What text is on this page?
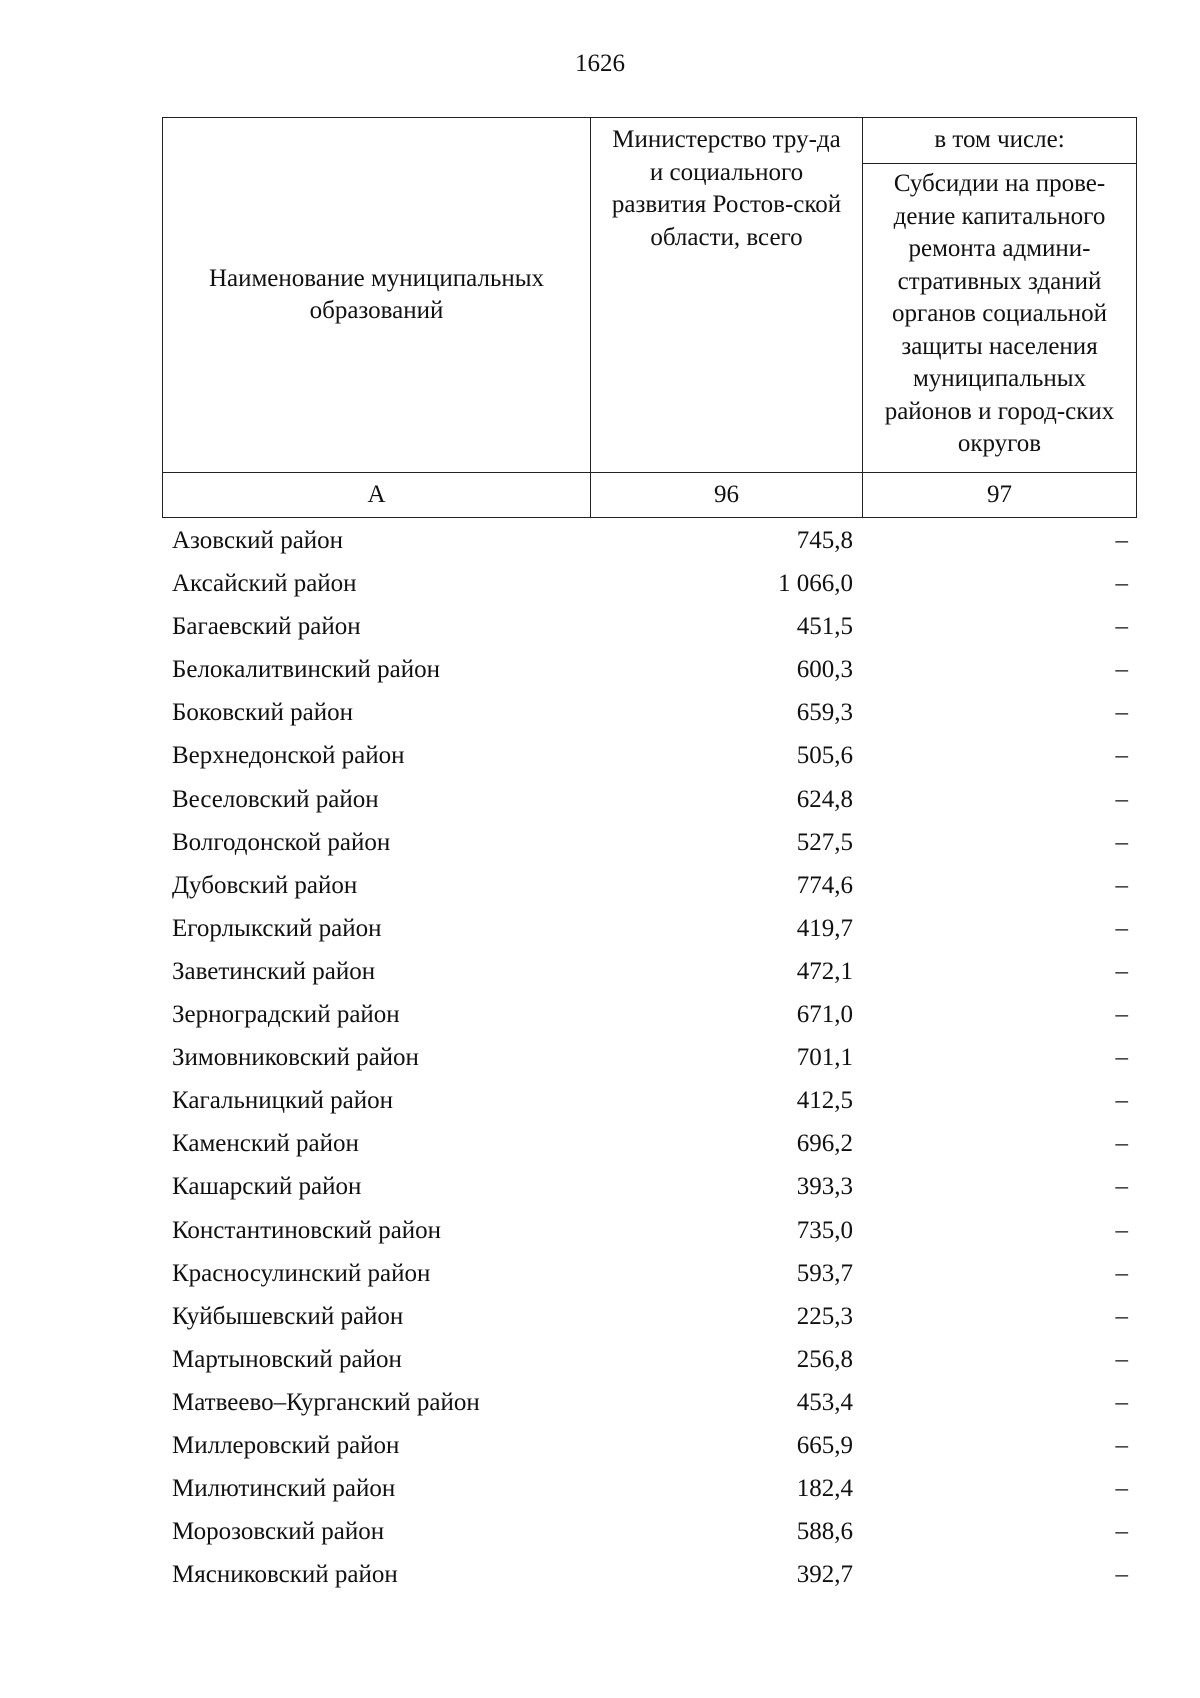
1626
Наименование муниципальных образований	Министерство тру-да и социального развития Ростов-ской области, всего	в том числе:
		Субсидии на прове-дение капитального ремонта админи-стративных зданий органов социальной защиты населения муниципальных районов и город-ских округов
А	96	97
Азовский район	745,8	–
Аксайский район	1 066,0	–
Багаевский район	451,5	–
Белокалитвинский район	600,3	–
Боковский район	659,3	–
Верхнедонской район	505,6	–
Веселовский район	624,8	–
Волгодонской район	527,5	–
Дубовский район	774,6	–
Егорлыкский район	419,7	–
Заветинский район	472,1	–
Зерноградский район	671,0	–
Зимовниковский район	701,1	–
Кагальницкий район	412,5	–
Каменский район	696,2	–
Кашарский район	393,3	–
Константиновский район	735,0	–
Красносулинский район	593,7	–
Куйбышевский район	225,3	–
Мартыновский район	256,8	–
Матвеево–Курганский район	453,4	–
Миллеровский район	665,9	–
Милютинский район	182,4	–
Морозовский район	588,6	–
Мясниковский район	392,7	–
